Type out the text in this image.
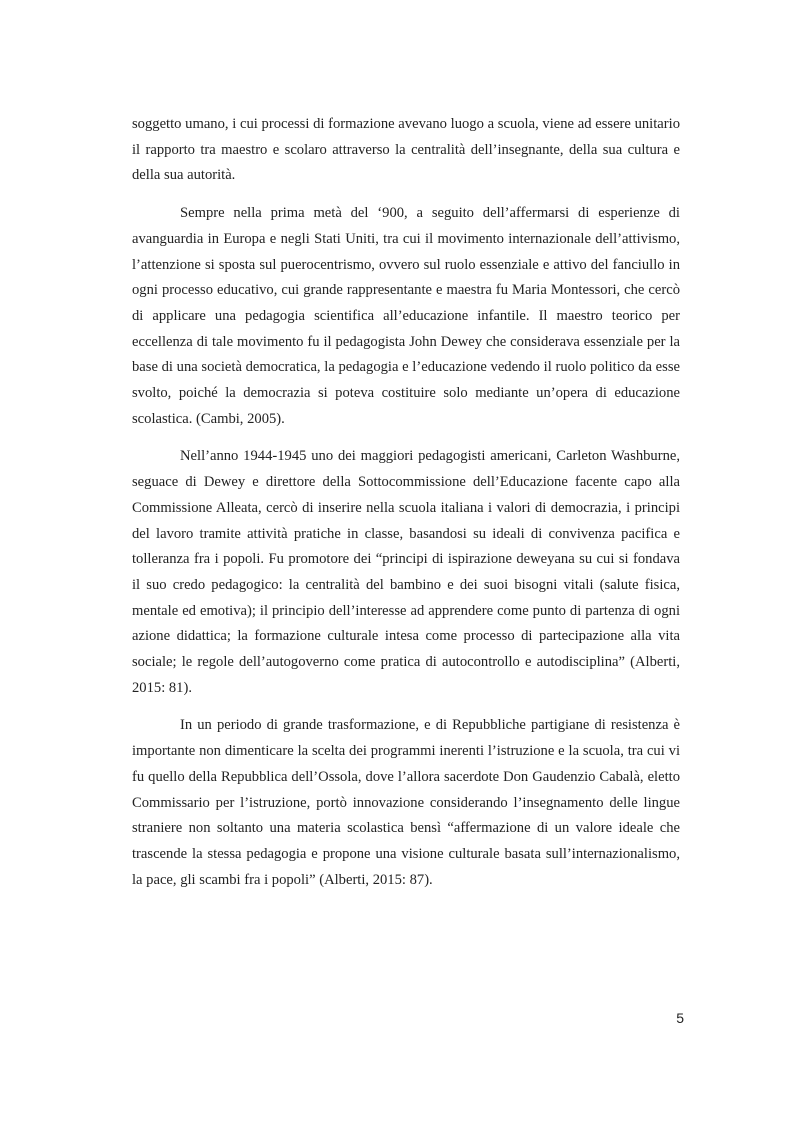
soggetto umano, i cui processi di formazione avevano luogo a scuola, viene ad essere unitario il rapporto tra maestro e scolaro attraverso la centralità dell’insegnante, della sua cultura e della sua autorità.

Sempre nella prima metà del ‘900, a seguito dell’affermarsi di esperienze di avanguardia in Europa e negli Stati Uniti, tra cui il movimento internazionale dell’attivismo, l’attenzione si sposta sul puerocentrismo, ovvero sul ruolo essenziale e attivo del fanciullo in ogni processo educativo, cui grande rappresentante e maestra fu Maria Montessori, che cercò di applicare una pedagogia scientifica all’educazione infantile. Il maestro teorico per eccellenza di tale movimento fu il pedagogista John Dewey che considerava essenziale per la base di una società democratica, la pedagogia e l’educazione vedendo il ruolo politico da esse svolto, poiché la democrazia si poteva costituire solo mediante un’opera di educazione scolastica. (Cambi, 2005).

Nell’anno 1944-1945 uno dei maggiori pedagogisti americani, Carleton Washburne, seguace di Dewey e direttore della Sottocommissione dell’Educazione facente capo alla Commissione Alleata, cercò di inserire nella scuola italiana i valori di democrazia, i principi del lavoro tramite attività pratiche in classe, basandosi su ideali di convivenza pacifica e tolleranza fra i popoli. Fu promotore dei “principi di ispirazione deweyana su cui si fondava il suo credo pedagogico: la centralità del bambino e dei suoi bisogni vitali (salute fisica, mentale ed emotiva); il principio dell’interesse ad apprendere come punto di partenza di ogni azione didattica; la formazione culturale intesa come processo di partecipazione alla vita sociale; le regole dell’autogoverno come pratica di autocontrollo e autodisciplina” (Alberti, 2015: 81).

In un periodo di grande trasformazione, e di Repubbliche partigiane di resistenza è importante non dimenticare la scelta dei programmi inerenti l’istruzione e la scuola, tra cui vi fu quello della Repubblica dell’Ossola, dove l’allora sacerdote Don Gaudenzio Cabalà, eletto Commissario per l’istruzione, portò innovazione considerando l’insegnamento delle lingue straniere non soltanto una materia scolastica bensì “affermazione di un valore ideale che trascende la stessa pedagogia e propone una visione culturale basata sull’internazionalismo, la pace, gli scambi fra i popoli” (Alberti, 2015: 87).

5
